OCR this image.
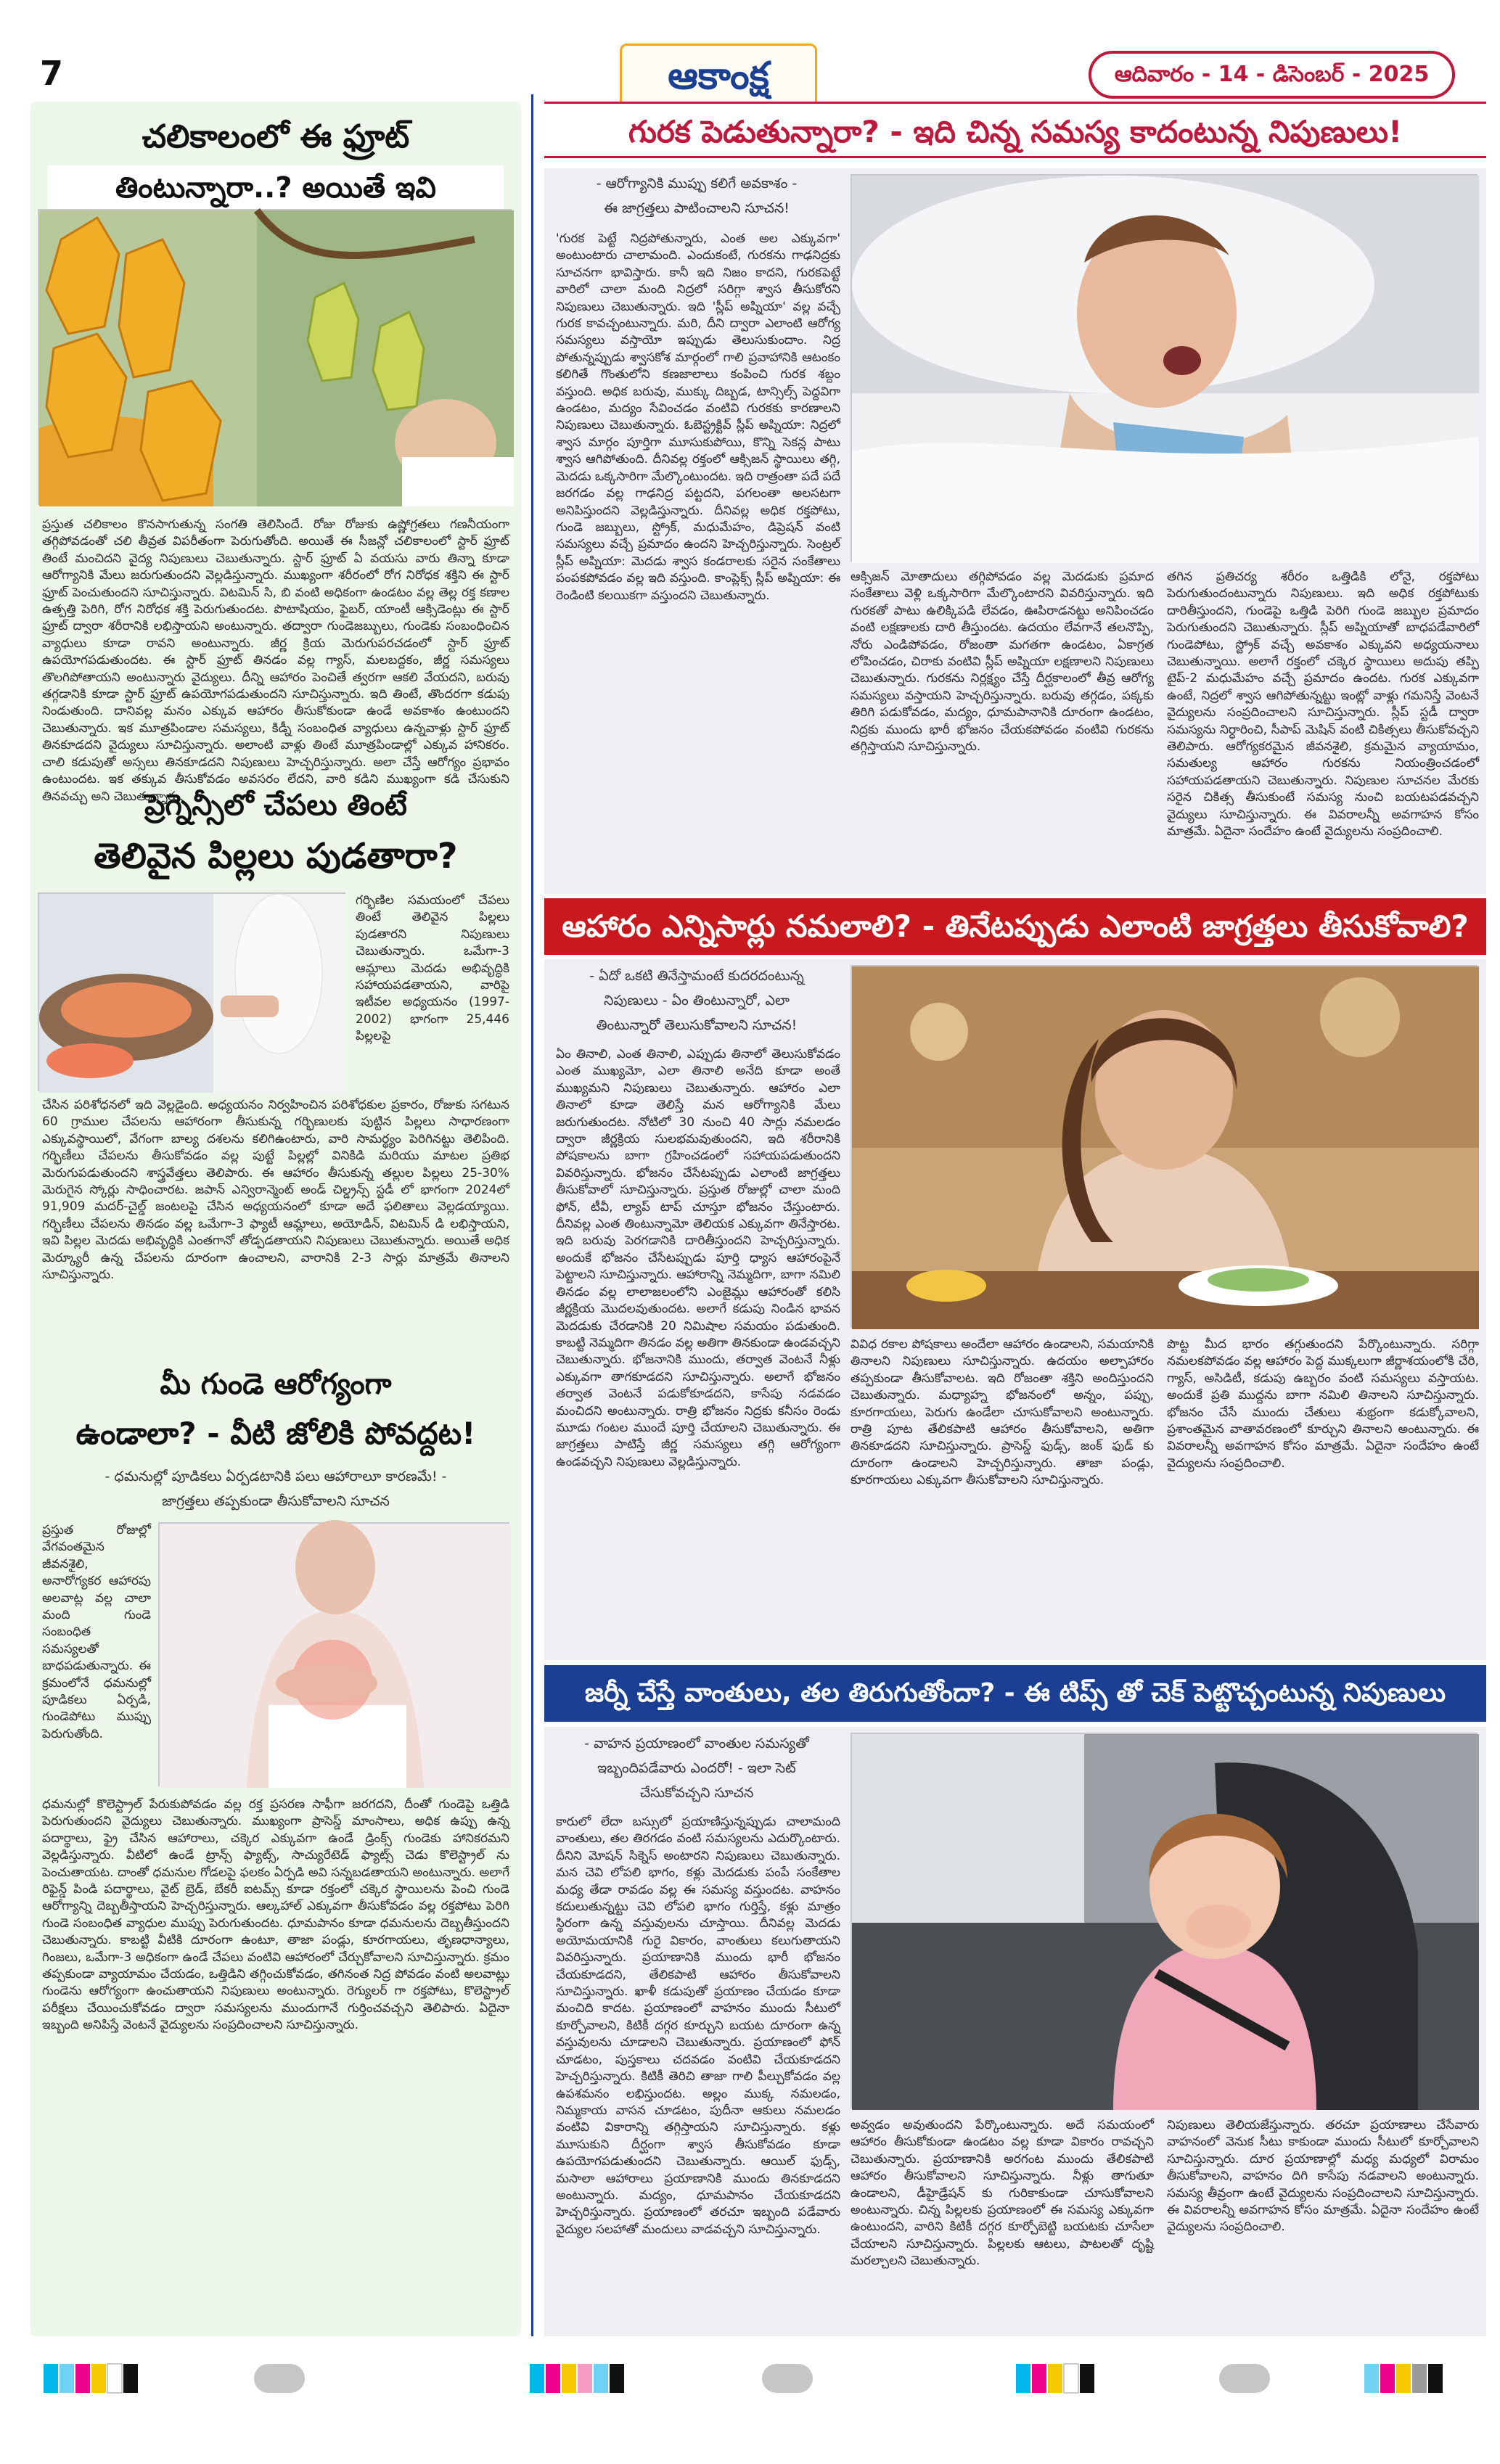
7	ఆకాంక్ష	ఆదివారం - 14 - డిసెంబర్ - 2025
చలికాలంలో ఈ ఫ్రూట్
తింటున్నారా..? అయితే ఇవి
ప్రస్తుత చలికాలం కొనసాగుతున్న సంగతి తెలిసిందే. రోజు రోజుకు ఉష్ణోగ్రతలు గణనీయంగా తగ్గిపోవడంతో చలి తీవ్రత విపరీతంగా పెరుగుతోంది. అయితే ఈ సీజన్లో చలికాలంలో స్టార్ ఫ్రూట్ తింటే మంచిదని వైద్య నిపుణులు చెబుతున్నారు. స్టార్ ఫ్రూట్ ఏ వయసు వారు తిన్నా కూడా ఆరోగ్యానికి మేలు జరుగుతుందని వెల్లడిస్తున్నారు. ముఖ్యంగా శరీరంలో రోగ నిరోధక శక్తిని ఈ స్టార్ ఫ్రూట్ పెంచుతుందని సూచిస్తున్నారు. విటమిన్ సి, బి వంటి అధికంగా ఉండటం వల్ల తెల్ల రక్త కణాల ఉత్పత్తి పెరిగి, రోగ నిరోధక శక్తి పెరుగుతుందట. పొటాషియం, ఫైబర్, యాంటీ ఆక్సిడెంట్లు ఈ స్టార్ ఫ్రూట్ ద్వారా శరీరానికి లభిస్తాయని అంటున్నారు. తద్వారా గుండెజబ్బులు, గుండెకు సంబంధించిన వ్యాధులు కూడా రావని అంటున్నారు. జీర్ణ క్రియ మెరుగుపరచడంలో స్టార్ ఫ్రూట్ ఉపయోగపడుతుందట. ఈ స్టార్ ఫ్రూట్ తినడం వల్ల గ్యాస్, మలబద్దకం, జీర్ణ సమస్యలు తొలగిపోతాయని అంటున్నారు వైద్యులు. దీన్ని ఆహారం పెంచితే త్వరగా ఆకలి వేయదని, బరువు తగ్గడానికి కూడా స్టార్ ఫ్రూట్ ఉపయోగపడుతుందని సూచిస్తున్నారు. ఇది తింటే, తొందరగా కడుపు నిండుతుంది. దానివల్ల మనం ఎక్కువ ఆహారం తీసుకోకుండా ఉండే అవకాశం ఉంటుందని చెబుతున్నారు. ఇక మూత్రపిండాల సమస్యలు, కిడ్నీ సంబంధిత వ్యాధులు ఉన్నవాళ్లు స్టార్ ఫ్రూట్ తినకూడదని వైద్యులు సూచిస్తున్నారు. అలాంటి వాళ్లు తింటే మూత్రపిండాల్లో ఎక్కువ హానికరం. చాలి కడుపుతో అస్సలు తినకూడదని నిపుణులు హెచ్చరిస్తున్నారు. అలా చేస్తే ఆరోగ్యం ప్రభావం ఉంటుందట. ఇక తక్కువ తీసుకోవడం అవసరం లేదని, వారి కడిని ముఖ్యంగా కడి చేసుకుని తినవచ్చు అని చెబుతున్నారు.
ప్రెగ్నెన్సీలో చేపలు తింటే
తెలివైన పిల్లలు పుడతారా?
గర్భిణిల సమయంలో చేపలు తింటే తెలివైన పిల్లలు పుడతారని నిపుణులు చెబుతున్నారు. ఒమేగా-3 ఆమ్లాలు మెదడు అభివృద్ధికి సహాయపడతాయని, వారిపై ఇటీవల అధ్యయనం (1997-2002) భాగంగా 25,446 పిల్లలపై
చేసిన పరిశోధనలో ఇది వెల్లడైంది. అధ్యయనం నిర్వహించిన పరిశోధకుల ప్రకారం, రోజుకు సగటున 60 గ్రాముల చేపలను ఆహారంగా తీసుకున్న గర్భిణులకు పుట్టిన పిల్లలు సాధారణంగా ఎక్కువస్థాయిలో, వేగంగా బాల్య దశలను కలిగిఉంటారు, వారి సామర్థ్యం పెరిగినట్టు తెలిపింది. గర్భిణీలు చేపలను తీసుకోవడం వల్ల పుట్టే పిల్లల్లో వినికిడి మరియు మాటల ప్రతిభ మెరుగుపడుతుందని శాస్త్రవేత్తలు తెలిపారు. ఈ ఆహారం తీసుకున్న తల్లుల పిల్లలు 25-30% మెరుగైన స్కోర్లు సాధించారట. జపాన్ ఎన్విరాన్మెంట్ అండ్ చిల్డ్రన్స్ స్టడీ లో భాగంగా 2024లో 91,909 మదర్-చైల్డ్ జంటలపై చేసిన అధ్యయనంలో కూడా అదే ఫలితాలు వెల్లడయ్యాయి. గర్భిణీలు చేపలను తినడం వల్ల ఒమేగా-3 ఫ్యాటీ ఆమ్లాలు, అయోడిన్, విటమిన్ డి లభిస్తాయని, ఇవి పిల్లల మెదడు అభివృద్ధికి ఎంతగానో తోడ్పడతాయని నిపుణులు చెబుతున్నారు. అయితే అధిక మెర్క్యూరీ ఉన్న చేపలను దూరంగా ఉంచాలని, వారానికి 2-3 సార్లు మాత్రమే తినాలని సూచిస్తున్నారు.
మీ గుండె ఆరోగ్యంగా
ఉండాలా? - వీటి జోలికి పోవద్దట!
- ధమనుల్లో పూడికలు ఏర్పడటానికి పలు ఆహారాలూ కారణమే! -
జాగ్రత్తలు తప్పకుండా తీసుకోవాలని సూచన
ప్రస్తుత రోజుల్లో వేగవంతమైన జీవనశైలి, అనారోగ్యకర ఆహారపు అలవాట్ల వల్ల చాలా మంది గుండె సంబంధిత సమస్యలతో బాధపడుతున్నారు. ఈ క్రమంలోనే ధమనుల్లో పూడికలు ఏర్పడి, గుండెపోటు ముప్పు పెరుగుతోంది.
ధమనుల్లో కొలెస్ట్రాల్ పేరుకుపోవడం వల్ల రక్త ప్రసరణ సాఫీగా జరగదని, దీంతో గుండెపై ఒత్తిడి పెరుగుతుందని వైద్యులు చెబుతున్నారు. ముఖ్యంగా ప్రాసెస్డ్ మాంసాలు, అధిక ఉప్పు ఉన్న పదార్థాలు, ఫ్రై చేసిన ఆహారాలు, చక్కెర ఎక్కువగా ఉండే డ్రింక్స్ గుండెకు హానికరమని వెల్లడిస్తున్నారు. వీటిలో ఉండే ట్రాన్స్ ఫ్యాట్స్, సాచ్యురేటెడ్ ఫ్యాట్స్ చెడు కొలెస్ట్రాల్ ను పెంచుతాయట. దాంతో ధమనుల గోడలపై ఫలకం ఏర్పడి అవి సన్నబడతాయని అంటున్నారు. అలాగే రిఫైన్డ్ పిండి పదార్థాలు, వైట్ బ్రెడ్, బేకరీ ఐటమ్స్ కూడా రక్తంలో చక్కెర స్థాయిలను పెంచి గుండె ఆరోగ్యాన్ని దెబ్బతీస్తాయని హెచ్చరిస్తున్నారు. ఆల్కహాల్ ఎక్కువగా తీసుకోవడం వల్ల రక్తపోటు పెరిగి గుండె సంబంధిత వ్యాధుల ముప్పు పెరుగుతుందట. ధూమపానం కూడా ధమనులను దెబ్బతీస్తుందని చెబుతున్నారు. కాబట్టి వీటికి దూరంగా ఉంటూ, తాజా పండ్లు, కూరగాయలు, తృణధాన్యాలు, గింజలు, ఒమేగా-3 అధికంగా ఉండే చేపలు వంటివి ఆహారంలో చేర్చుకోవాలని సూచిస్తున్నారు. క్రమం తప్పకుండా వ్యాయామం చేయడం, ఒత్తిడిని తగ్గించుకోవడం, తగినంత నిద్ర పోవడం వంటి అలవాట్లు గుండెను ఆరోగ్యంగా ఉంచుతాయని నిపుణులు అంటున్నారు. రెగ్యులర్ గా రక్తపోటు, కొలెస్ట్రాల్ పరీక్షలు చేయించుకోవడం ద్వారా సమస్యలను ముందుగానే గుర్తించవచ్చని తెలిపారు. ఏదైనా ఇబ్బంది అనిపిస్తే వెంటనే వైద్యులను సంప్రదించాలని సూచిస్తున్నారు.
గురక పెడుతున్నారా? - ఇది చిన్న సమస్య కాదంటున్న నిపుణులు!
- ఆరోగ్యానికి ముప్పు కలిగే అవకాశం -
ఈ జాగ్రత్తలు పాటించాలని సూచన!
'గురక పెట్టే నిద్రపోతున్నారు, ఎంత అల ఎక్కువగా' అంటుంటారు చాలామంది. ఎందుకంటే, గురకను గాఢనిద్రకు సూచనగా భావిస్తారు. కానీ ఇది నిజం కాదని, గురకపెట్టే వారిలో చాలా మంది నిద్రలో సరిగ్గా శ్వాస తీసుకోరని నిపుణులు చెబుతున్నారు. ఇది 'స్లీప్ అప్నియా' వల్ల వచ్చే గురక కావచ్చంటున్నారు. మరి, దీని ద్వారా ఎలాంటి ఆరోగ్య సమస్యలు వస్తాయో ఇప్పుడు తెలుసుకుందాం. నిద్ర పోతున్నప్పుడు శ్వాసకోశ మార్గంలో గాలి ప్రవాహానికి ఆటంకం కలిగితే గొంతులోని కణజాలాలు కంపించి గురక శబ్దం వస్తుంది. అధిక బరువు, ముక్కు దిబ్బడ, టాన్సిల్స్ పెద్దవిగా ఉండటం, మద్యం సేవించడం వంటివి గురకకు కారణాలని నిపుణులు చెబుతున్నారు. ఓబెస్ట్రక్టివ్ స్లీప్ అప్నియా: నిద్రలో శ్వాస మార్గం పూర్తిగా మూసుకుపోయి, కొన్ని సెకన్ల పాటు శ్వాస ఆగిపోతుంది. దీనివల్ల రక్తంలో ఆక్సిజన్ స్థాయిలు తగ్గి, మెదడు ఒక్కసారిగా మేల్కొంటుందట. ఇది రాత్రంతా పదే పదే జరగడం వల్ల గాఢనిద్ర పట్టదని, పగలంతా అలసటగా అనిపిస్తుందని వెల్లడిస్తున్నారు. దీనివల్ల అధిక రక్తపోటు, గుండె జబ్బులు, స్ట్రోక్, మధుమేహం, డిప్రెషన్ వంటి సమస్యలు వచ్చే ప్రమాదం ఉందని హెచ్చరిస్తున్నారు. సెంట్రల్ స్లీప్ అప్నియా: మెదడు శ్వాస కండరాలకు సరైన సంకేతాలు పంపకపోవడం వల్ల ఇది వస్తుంది. కాంప్లెక్స్ స్లీప్ అప్నియా: ఈ రెండింటి కలయికగా వస్తుందని చెబుతున్నారు.
ఆక్సిజన్ మోతాదులు తగ్గిపోవడం వల్ల మెదడుకు ప్రమాద సంకేతాలు వెళ్లి ఒక్కసారిగా మేల్కొంటారని వివరిస్తున్నారు. ఇది గురకతో పాటు ఉలిక్కిపడి లేవడం, ఊపిరాడనట్టు అనిపించడం వంటి లక్షణాలకు దారి తీస్తుందట. ఉదయం లేవగానే తలనొప్పి, నోరు ఎండిపోవడం, రోజంతా మగతగా ఉండటం, ఏకాగ్రత లోపించడం, చిరాకు వంటివి స్లీప్ అప్నియా లక్షణాలని నిపుణులు చెబుతున్నారు. గురకను నిర్లక్ష్యం చేస్తే దీర్ఘకాలంలో తీవ్ర ఆరోగ్య సమస్యలు వస్తాయని హెచ్చరిస్తున్నారు. బరువు తగ్గడం, పక్కకు తిరిగి పడుకోవడం, మద్యం, ధూమపానానికి దూరంగా ఉండటం, నిద్రకు ముందు భారీ భోజనం చేయకపోవడం వంటివి గురకను తగ్గిస్తాయని సూచిస్తున్నారు.
తగిన ప్రతిచర్య శరీరం ఒత్తిడికి లోనై, రక్తపోటు పెరుగుతుందంటున్నారు నిపుణులు. ఇది అధిక రక్తపోటుకు దారితీస్తుందని, గుండెపై ఒత్తిడి పెరిగి గుండె జబ్బుల ప్రమాదం పెరుగుతుందని చెబుతున్నారు. స్లీప్ అప్నియాతో బాధపడేవారిలో గుండెపోటు, స్ట్రోక్ వచ్చే అవకాశం ఎక్కువని అధ్యయనాలు చెబుతున్నాయి. అలాగే రక్తంలో చక్కెర స్థాయిలు అదుపు తప్పి టైప్-2 మధుమేహం వచ్చే ప్రమాదం ఉందట. గురక ఎక్కువగా ఉంటే, నిద్రలో శ్వాస ఆగిపోతున్నట్టు ఇంట్లో వాళ్లు గమనిస్తే వెంటనే వైద్యులను సంప్రదించాలని సూచిస్తున్నారు. స్లీప్ స్టడీ ద్వారా సమస్యను నిర్ధారించి, సీపాప్ మెషిన్ వంటి చికిత్సలు తీసుకోవచ్చని తెలిపారు. ఆరోగ్యకరమైన జీవనశైలి, క్రమమైన వ్యాయామం, సమతుల్య ఆహారం గురకను నియంత్రించడంలో సహాయపడతాయని చెబుతున్నారు. నిపుణుల సూచనల మేరకు సరైన చికిత్స తీసుకుంటే సమస్య నుంచి బయటపడవచ్చని వైద్యులు సూచిస్తున్నారు. ఈ వివరాలన్నీ అవగాహన కోసం మాత్రమే. ఏదైనా సందేహం ఉంటే వైద్యులను సంప్రదించాలి.
ఆహారం ఎన్నిసార్లు నమలాలి? - తినేటప్పుడు ఎలాంటి జాగ్రత్తలు తీసుకోవాలి?
- ఏదో ఒకటి తినేస్తామంటే కుదరదంటున్న
నిపుణులు - ఏం తింటున్నారో, ఎలా
తింటున్నారో తెలుసుకోవాలని సూచన!
ఏం తినాలి, ఎంత తినాలి, ఎప్పుడు తినాలో తెలుసుకోవడం ఎంత ముఖ్యమో, ఎలా తినాలి అనేది కూడా అంతే ముఖ్యమని నిపుణులు చెబుతున్నారు. ఆహారం ఎలా తినాలో కూడా తెలిస్తే మన ఆరోగ్యానికి మేలు జరుగుతుందట. నోటిలో 30 నుంచి 40 సార్లు నమలడం ద్వారా జీర్ణక్రియ సులభమవుతుందని, ఇది శరీరానికి పోషకాలను బాగా గ్రహించడంలో సహాయపడుతుందని వివరిస్తున్నారు. భోజనం చేసేటప్పుడు ఎలాంటి జాగ్రత్తలు తీసుకోవాలో సూచిస్తున్నారు. ప్రస్తుత రోజుల్లో చాలా మంది ఫోన్, టీవీ, ల్యాప్ టాప్ చూస్తూ భోజనం చేస్తుంటారు. దీనివల్ల ఎంత తింటున్నామో తెలియక ఎక్కువగా తినేస్తారట. ఇది బరువు పెరగడానికి దారితీస్తుందని హెచ్చరిస్తున్నారు. అందుకే భోజనం చేసేటప్పుడు పూర్తి ధ్యాస ఆహారంపైనే పెట్టాలని సూచిస్తున్నారు. ఆహారాన్ని నెమ్మదిగా, బాగా నమిలి తినడం వల్ల లాలాజలంలోని ఎంజైమ్లు ఆహారంతో కలిసి జీర్ణక్రియ మొదలవుతుందట. అలాగే కడుపు నిండిన భావన మెదడుకు చేరడానికి 20 నిమిషాల సమయం పడుతుంది. కాబట్టి నెమ్మదిగా తినడం వల్ల అతిగా తినకుండా ఉండవచ్చని చెబుతున్నారు. భోజనానికి ముందు, తర్వాత వెంటనే నీళ్లు ఎక్కువగా తాగకూడదని సూచిస్తున్నారు. అలాగే భోజనం తర్వాత వెంటనే పడుకోకూడదని, కాసేపు నడవడం మంచిదని అంటున్నారు. రాత్రి భోజనం నిద్రకు కనీసం రెండు మూడు గంటల ముందే పూర్తి చేయాలని చెబుతున్నారు. ఈ జాగ్రత్తలు పాటిస్తే జీర్ణ సమస్యలు తగ్గి ఆరోగ్యంగా ఉండవచ్చని నిపుణులు వెల్లడిస్తున్నారు.
వివిధ రకాల పోషకాలు అందేలా ఆహారం ఉండాలని, సమయానికి తినాలని నిపుణులు సూచిస్తున్నారు. ఉదయం అల్పాహారం తప్పకుండా తీసుకోవాలట. ఇది రోజంతా శక్తిని అందిస్తుందని చెబుతున్నారు. మధ్యాహ్న భోజనంలో అన్నం, పప్పు, కూరగాయలు, పెరుగు ఉండేలా చూసుకోవాలని అంటున్నారు. రాత్రి పూట తేలికపాటి ఆహారం తీసుకోవాలని, అతిగా తినకూడదని సూచిస్తున్నారు. ప్రాసెస్డ్ ఫుడ్స్, జంక్ ఫుడ్ కు దూరంగా ఉండాలని హెచ్చరిస్తున్నారు. తాజా పండ్లు, కూరగాయలు ఎక్కువగా తీసుకోవాలని సూచిస్తున్నారు.
పొట్ట మీద భారం తగ్గుతుందని పేర్కొంటున్నారు. సరిగ్గా నమలకపోవడం వల్ల ఆహారం పెద్ద ముక్కలుగా జీర్ణాశయంలోకి చేరి, గ్యాస్, అసిడిటీ, కడుపు ఉబ్బరం వంటి సమస్యలు వస్తాయట. అందుకే ప్రతి ముద్దను బాగా నమిలి తినాలని సూచిస్తున్నారు. భోజనం చేసే ముందు చేతులు శుభ్రంగా కడుక్కోవాలని, ప్రశాంతమైన వాతావరణంలో కూర్చుని తినాలని అంటున్నారు. ఈ వివరాలన్నీ అవగాహన కోసం మాత్రమే. ఏదైనా సందేహం ఉంటే వైద్యులను సంప్రదించాలి.
జర్నీ చేస్తే వాంతులు, తల తిరుగుతోందా? - ఈ టిప్స్ తో చెక్ పెట్టొచ్చంటున్న నిపుణులు
- వాహన ప్రయాణంలో వాంతుల సమస్యతో
ఇబ్బందిపడేవారు ఎందరో! - ఇలా సెట్
చేసుకోవచ్చని సూచన
కారులో లేదా బస్సులో ప్రయాణిస్తున్నప్పుడు చాలామంది వాంతులు, తల తిరగడం వంటి సమస్యలను ఎదుర్కొంటారు. దీనిని మోషన్ సిక్నెస్ అంటారని నిపుణులు చెబుతున్నారు. మన చెవి లోపలి భాగం, కళ్లు మెదడుకు పంపే సంకేతాల మధ్య తేడా రావడం వల్ల ఈ సమస్య వస్తుందట. వాహనం కదులుతున్నట్టు చెవి లోపలి భాగం గుర్తిస్తే, కళ్లు మాత్రం స్థిరంగా ఉన్న వస్తువులను చూస్తాయి. దీనివల్ల మెదడు అయోమయానికి గురై వికారం, వాంతులు కలుగుతాయని వివరిస్తున్నారు. ప్రయాణానికి ముందు భారీ భోజనం చేయకూడదని, తేలికపాటి ఆహారం తీసుకోవాలని సూచిస్తున్నారు. ఖాళీ కడుపుతో ప్రయాణం చేయడం కూడా మంచిది కాదట. ప్రయాణంలో వాహనం ముందు సీటులో కూర్చోవాలని, కిటికీ దగ్గర కూర్చుని బయట దూరంగా ఉన్న వస్తువులను చూడాలని చెబుతున్నారు. ప్రయాణంలో ఫోన్ చూడటం, పుస్తకాలు చదవడం వంటివి చేయకూడదని హెచ్చరిస్తున్నారు. కిటికీ తెరిచి తాజా గాలి పీల్చుకోవడం వల్ల ఉపశమనం లభిస్తుందట. అల్లం ముక్క నమలడం, నిమ్మకాయ వాసన చూడటం, పుదీనా ఆకులు నమలడం వంటివి వికారాన్ని తగ్గిస్తాయని సూచిస్తున్నారు. కళ్లు మూసుకుని దీర్ఘంగా శ్వాస తీసుకోవడం కూడా ఉపయోగపడుతుందని చెబుతున్నారు. ఆయిల్ ఫుడ్స్, మసాలా ఆహారాలు ప్రయాణానికి ముందు తినకూడదని అంటున్నారు. మద్యం, ధూమపానం చేయకూడదని హెచ్చరిస్తున్నారు. ప్రయాణంలో తరచూ ఇబ్బంది పడేవారు వైద్యుల సలహాతో మందులు వాడవచ్చని సూచిస్తున్నారు.
అవ్వడం అవుతుందని పేర్కొంటున్నారు. అదే సమయంలో ఆహారం తీసుకోకుండా ఉండటం వల్ల కూడా వికారం రావచ్చని చెబుతున్నారు. ప్రయాణానికి అరగంట ముందు తేలికపాటి ఆహారం తీసుకోవాలని సూచిస్తున్నారు. నీళ్లు తాగుతూ ఉండాలని, డీహైడ్రేషన్ కు గురికాకుండా చూసుకోవాలని అంటున్నారు. చిన్న పిల్లలకు ప్రయాణంలో ఈ సమస్య ఎక్కువగా ఉంటుందని, వారిని కిటికీ దగ్గర కూర్చోబెట్టి బయటకు చూసేలా చేయాలని సూచిస్తున్నారు. పిల్లలకు ఆటలు, పాటలతో దృష్టి మరల్చాలని చెబుతున్నారు.
నిపుణులు తెలియజేస్తున్నారు. తరచూ ప్రయాణాలు చేసేవారు వాహనంలో వెనుక సీటు కాకుండా ముందు సీటులో కూర్చోవాలని సూచిస్తున్నారు. దూర ప్రయాణాల్లో మధ్య మధ్యలో విరామం తీసుకోవాలని, వాహనం దిగి కాసేపు నడవాలని అంటున్నారు. సమస్య తీవ్రంగా ఉంటే వైద్యులను సంప్రదించాలని సూచిస్తున్నారు. ఈ వివరాలన్నీ అవగాహన కోసం మాత్రమే. ఏదైనా సందేహం ఉంటే వైద్యులను సంప్రదించాలి.
